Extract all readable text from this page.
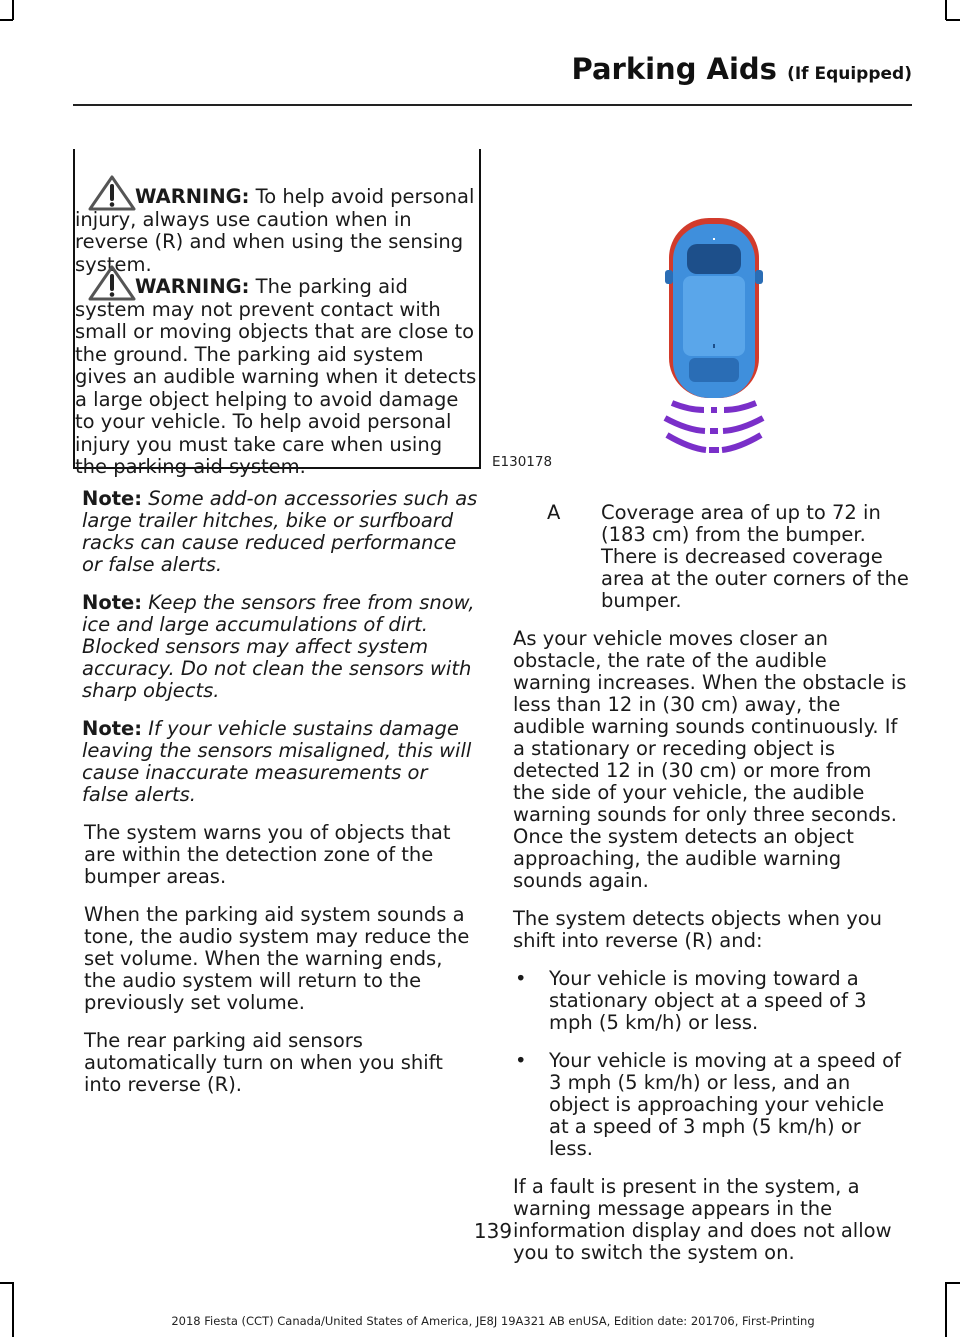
Parking Aids (If Equipped)

WARNING: To help avoid personal injury, always use caution when in reverse (R) and when using the sensing system.

WARNING: The parking aid system may not prevent contact with small or moving objects that are close to the ground. The parking aid system gives an audible warning when it detects a large object helping to avoid damage to your vehicle. To help avoid personal injury you must take care when using the parking aid system.

Note: Some add-on accessories such as large trailer hitches, bike or surfboard racks can cause reduced performance or false alerts.

Note: Keep the sensors free from snow, ice and large accumulations of dirt. Blocked sensors may affect system accuracy. Do not clean the sensors with sharp objects.

Note: If your vehicle sustains damage leaving the sensors misaligned, this will cause inaccurate measurements or false alerts.

The system warns you of objects that are within the detection zone of the bumper areas.

When the parking aid system sounds a tone, the audio system may reduce the set volume. When the warning ends, the audio system will return to the previously set volume.

The rear parking aid sensors automatically turn on when you shift into reverse (R).

E130178
A	Coverage area of up to 72 in (183 cm) from the bumper. There is decreased coverage area at the outer corners of the bumper.

As your vehicle moves closer an obstacle, the rate of the audible warning increases. When the obstacle is less than 12 in (30 cm) away, the audible warning sounds continuously. If a stationary or receding object is detected 12 in (30 cm) or more from the side of your vehicle, the audible warning sounds for only three seconds. Once the system detects an object approaching, the audible warning sounds again.

The system detects objects when you shift into reverse (R) and:

•	Your vehicle is moving toward a stationary object at a speed of 3 mph (5 km/h) or less.
•	Your vehicle is moving at a speed of 3 mph (5 km/h) or less, and an object is approaching your vehicle at a speed of 3 mph (5 km/h) or less.

If a fault is present in the system, a warning message appears in the information display and does not allow you to switch the system on.

139
2018 Fiesta (CCT) Canada/United States of America, JE8J 19A321 AB enUSA, Edition date: 201706, First-Printing
